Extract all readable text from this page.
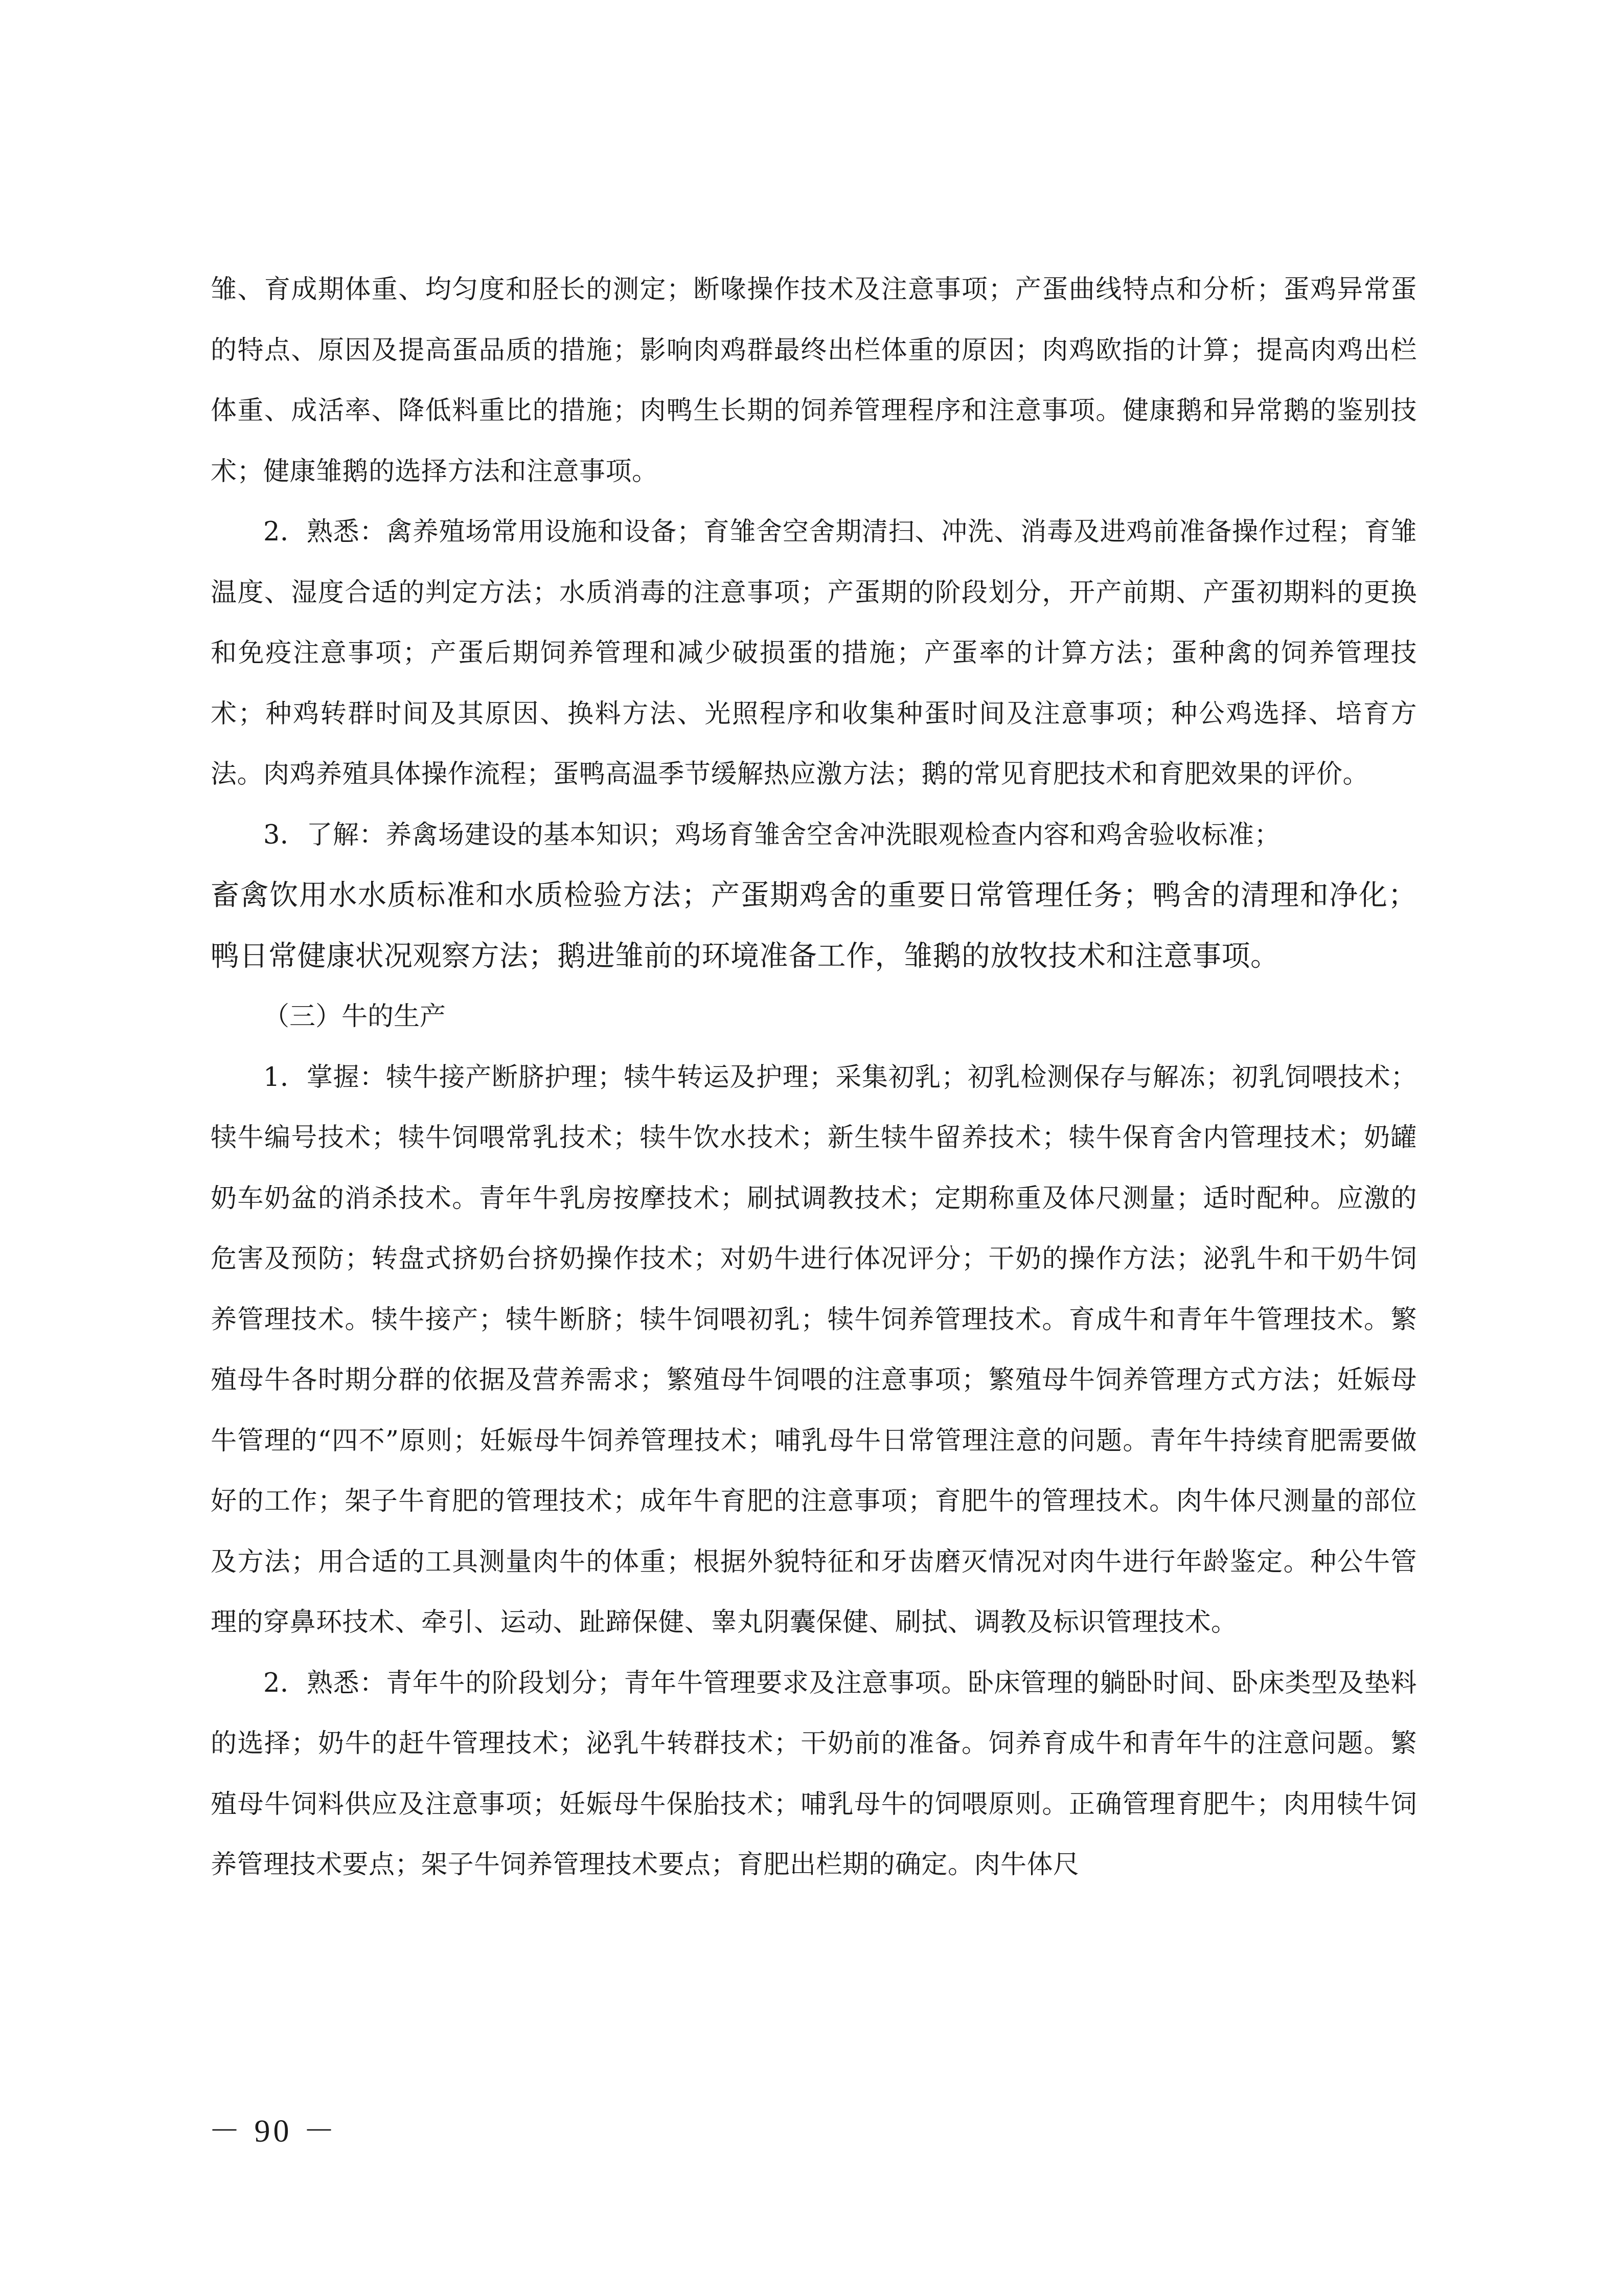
雏、育成期体重、均匀度和胫长的测定；断喙操作技术及注意事项；产蛋曲线特点和分析；蛋鸡异常蛋的特点、原因及提高蛋品质的措施；影响肉鸡群最终出栏体重的原因；肉鸡欧指的计算；提高肉鸡出栏体重、成活率、降低料重比的措施；肉鸭生长期的饲养管理程序和注意事项。健康鹅和异常鹅的鉴别技术；健康雏鹅的选择方法和注意事项。

2．熟悉：禽养殖场常用设施和设备；育雏舍空舍期清扫、冲洗、消毒及进鸡前准备操作过程；育雏温度、湿度合适的判定方法；水质消毒的注意事项；产蛋期的阶段划分，开产前期、产蛋初期料的更换和免疫注意事项；产蛋后期饲养管理和减少破损蛋的措施；产蛋率的计算方法；蛋种禽的饲养管理技术；种鸡转群时间及其原因、换料方法、光照程序和收集种蛋时间及注意事项；种公鸡选择、培育方法。肉鸡养殖具体操作流程；蛋鸭高温季节缓解热应激方法；鹅的常见育肥技术和育肥效果的评价。

3．了解：养禽场建设的基本知识；鸡场育雏舍空舍冲洗眼观检查内容和鸡舍验收标准；

畜禽饮用水水质标准和水质检验方法；产蛋期鸡舍的重要日常管理任务；鸭舍的清理和净化；鸭日常健康状况观察方法；鹅进雏前的环境准备工作，雏鹅的放牧技术和注意事项。

（三）牛的生产

1．掌握：犊牛接产断脐护理；犊牛转运及护理；采集初乳；初乳检测保存与解冻；初乳饲喂技术；犊牛编号技术；犊牛饲喂常乳技术；犊牛饮水技术；新生犊牛留养技术；犊牛保育舍内管理技术；奶罐奶车奶盆的消杀技术。青年牛乳房按摩技术；刷拭调教技术；定期称重及体尺测量；适时配种。应激的危害及预防；转盘式挤奶台挤奶操作技术；对奶牛进行体况评分；干奶的操作方法；泌乳牛和干奶牛饲养管理技术。犊牛接产；犊牛断脐；犊牛饲喂初乳；犊牛饲养管理技术。育成牛和青年牛管理技术。繁殖母牛各时期分群的依据及营养需求；繁殖母牛饲喂的注意事项；繁殖母牛饲养管理方式方法；妊娠母牛管理的“四不”原则；妊娠母牛饲养管理技术；哺乳母牛日常管理注意的问题。青年牛持续育肥需要做好的工作；架子牛育肥的管理技术；成年牛育肥的注意事项；育肥牛的管理技术。肉牛体尺测量的部位及方法；用合适的工具测量肉牛的体重；根据外貌特征和牙齿磨灭情况对肉牛进行年龄鉴定。种公牛管理的穿鼻环技术、牵引、运动、趾蹄保健、睾丸阴囊保健、刷拭、调教及标识管理技术。

2．熟悉：青年牛的阶段划分；青年牛管理要求及注意事项。卧床管理的躺卧时间、卧床类型及垫料的选择；奶牛的赶牛管理技术；泌乳牛转群技术；干奶前的准备。饲养育成牛和青年牛的注意问题。繁殖母牛饲料供应及注意事项；妊娠母牛保胎技术；哺乳母牛的饲喂原则。正确管理育肥牛；肉用犊牛饲养管理技术要点；架子牛饲养管理技术要点；育肥出栏期的确定。肉牛体尺

－ 90 －
